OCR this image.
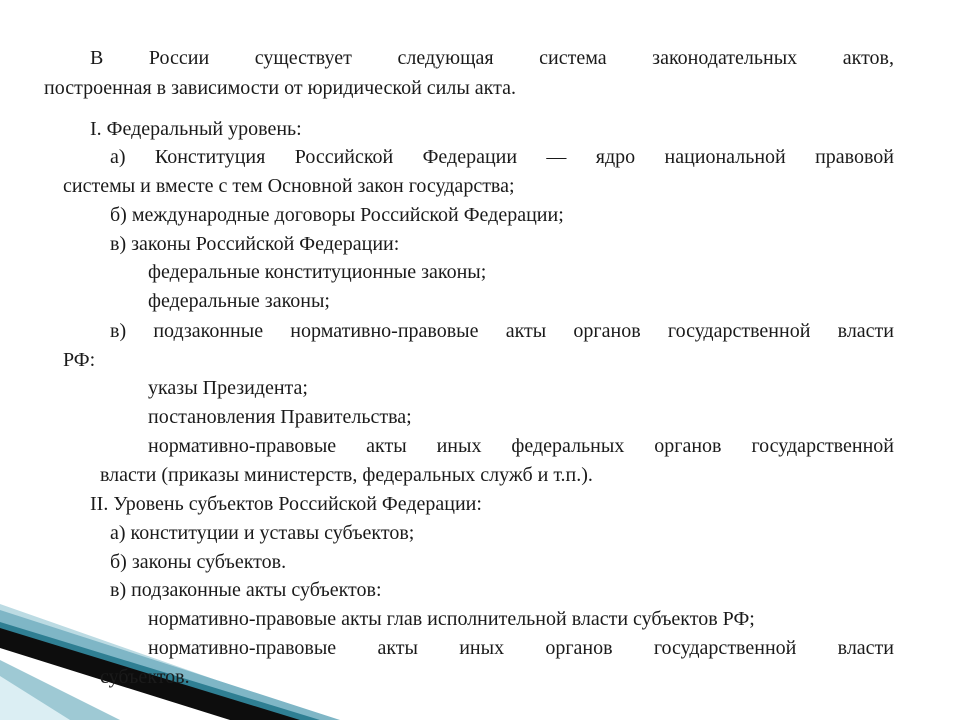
В России существует следующая система законодательных актов,
построенная в зависимости от юридической силы акта.
I. Федеральный уровень:
а) Конституция Российской Федерации — ядро национальной правовой
системы и вместе с тем Основной закон государства;
б) международные договоры Российской Федерации;
в) законы Российской Федерации:
федеральные конституционные законы;
федеральные законы;
в) подзаконные нормативно-правовые акты органов государственной власти
РФ:
указы Президента;
постановления Правительства;
нормативно-правовые акты иных федеральных органов государственной
власти (приказы министерств, федеральных служб и т.п.).
II. Уровень субъектов Российской Федерации:
а) конституции и уставы субъектов;
б) законы субъектов.
в) подзаконные акты субъектов:
нормативно-правовые акты глав исполнительной власти субъектов РФ;
нормативно-правовые акты иных органов государственной власти
субъектов.
